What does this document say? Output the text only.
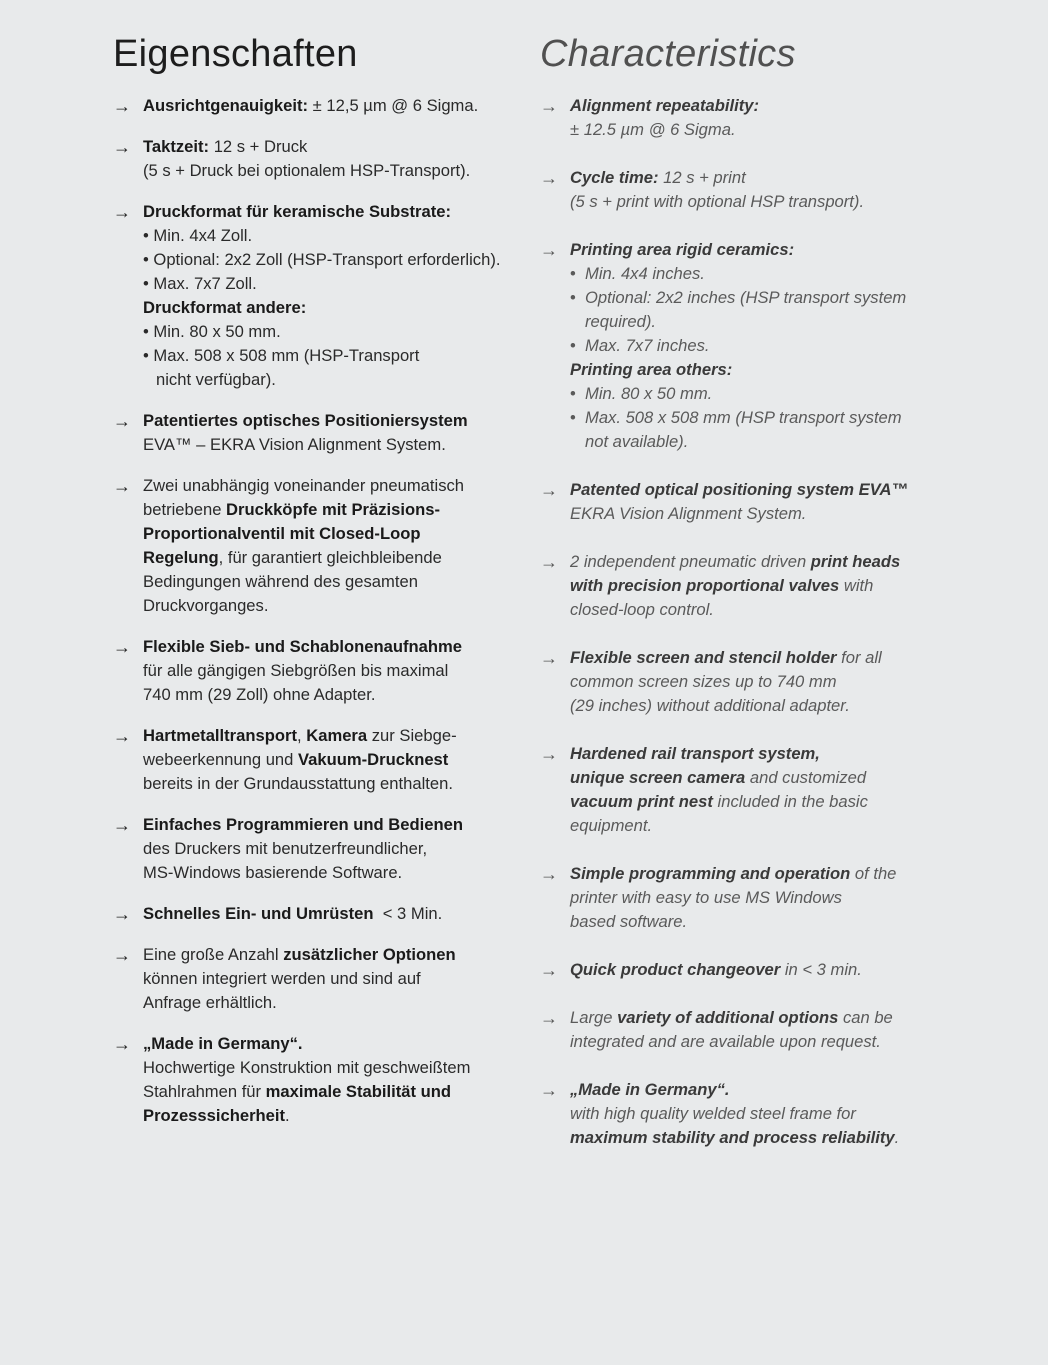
Eigenschaften
→ Ausrichtgenauigkeit: ± 12,5 µm @ 6 Sigma.
→ Taktzeit: 12 s + Druck
(5 s + Druck bei optionalem HSP-Transport).
→ Druckformat für keramische Substrate:
• Min. 4x4 Zoll.
• Optional: 2x2 Zoll (HSP-Transport erforderlich).
• Max. 7x7 Zoll.
Druckformat andere:
• Min. 80 x 50 mm.
• Max. 508 x 508 mm (HSP-Transport
nicht verfügbar).
→ Patentiertes optisches Positioniersystem
EVA™ – EKRA Vision Alignment System.
→ Zwei unabhängig voneinander pneumatisch
betriebene Druckköpfe mit Präzisions-
Proportionalventil mit Closed-Loop
Regelung, für garantiert gleichbleibende
Bedingungen während des gesamten
Druckvorganges.
→ Flexible Sieb- und Schablonenaufnahme
für alle gängigen Siebgrößen bis maximal
740 mm (29 Zoll) ohne Adapter.
→ Hartmetalltransport, Kamera zur Siebge-
webeerkennung und Vakuum-Drucknest
bereits in der Grundausstattung enthalten.
→ Einfaches Programmieren und Bedienen
des Druckers mit benutzerfreundlicher,
MS-Windows basierende Software.
→ Schnelles Ein- und Umrüsten  < 3 Min.
→ Eine große Anzahl zusätzlicher Optionen
können integriert werden und sind auf
Anfrage erhältlich.
→ „Made in Germany“.
Hochwertige Konstruktion mit geschweißtem
Stahlrahmen für maximale Stabilität und
Prozesssicherheit.
Characteristics
→ Alignment repeatability:
± 12.5 µm @ 6 Sigma.
→ Cycle time: 12 s + print
(5 s + print with optional HSP transport).
→ Printing area rigid ceramics:
• Min. 4x4 inches.
• Optional: 2x2 inches (HSP transport system
required).
• Max. 7x7 inches.
Printing area others:
• Min. 80 x 50 mm.
• Max. 508 x 508 mm (HSP transport system
not available).
→ Patented optical positioning system EVA™
EKRA Vision Alignment System.
→ 2 independent pneumatic driven print heads
with precision proportional valves with
closed-loop control.
→ Flexible screen and stencil holder for all
common screen sizes up to 740 mm
(29 inches) without additional adapter.
→ Hardened rail transport system,
unique screen camera and customized
vacuum print nest included in the basic
equipment.
→ Simple programming and operation of the
printer with easy to use MS Windows
based software.
→ Quick product changeover in < 3 min.
→ Large variety of additional options can be
integrated and are available upon request.
→ „Made in Germany“.
with high quality welded steel frame for
maximum stability and process reliability.
